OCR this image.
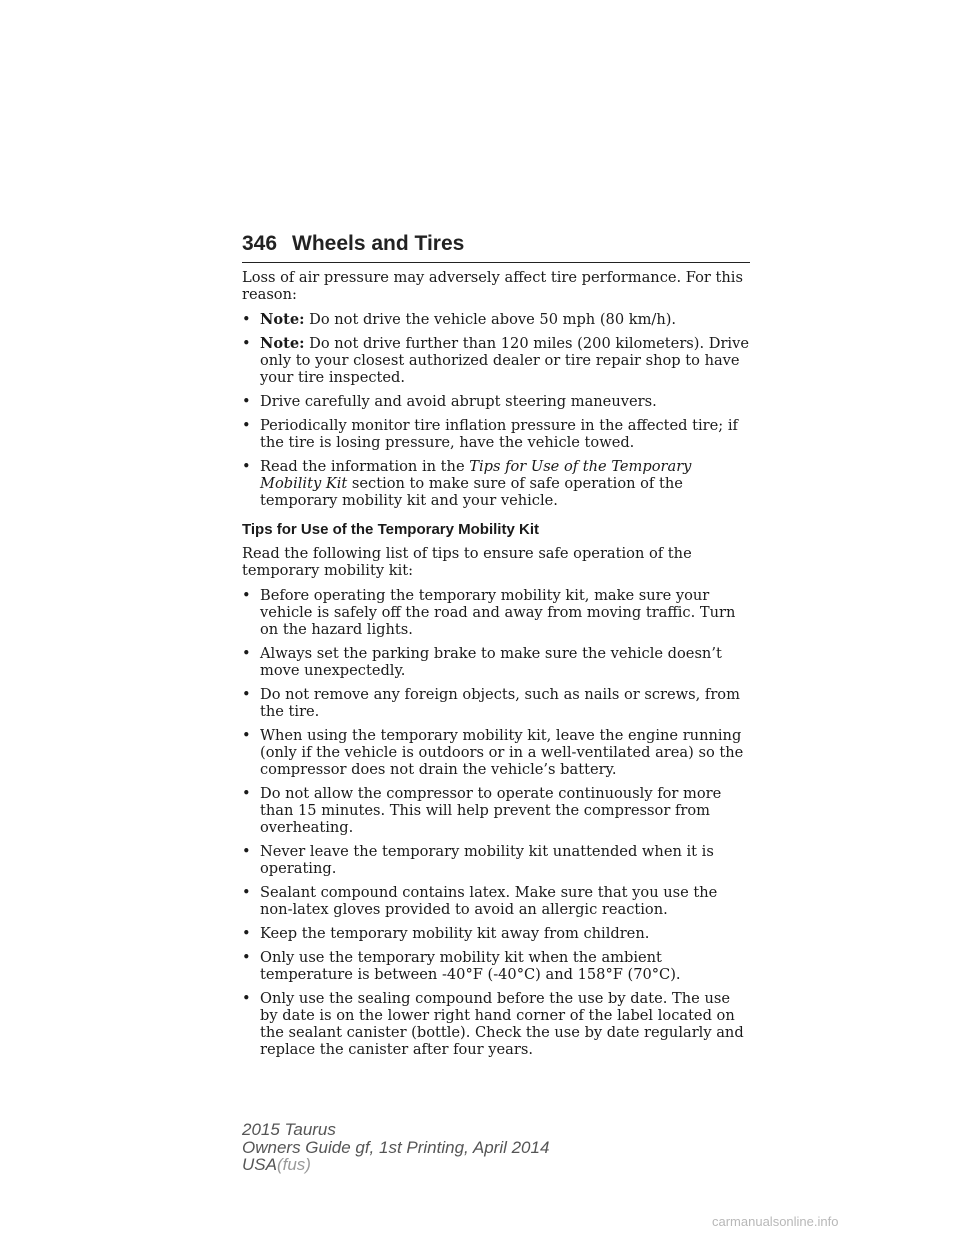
346 Wheels and Tires

Loss of air pressure may adversely affect tire performance. For this reason:

• Note: Do not drive the vehicle above 50 mph (80 km/h).
• Note: Do not drive further than 120 miles (200 kilometers). Drive only to your closest authorized dealer or tire repair shop to have your tire inspected.
• Drive carefully and avoid abrupt steering maneuvers.
• Periodically monitor tire inflation pressure in the affected tire; if the tire is losing pressure, have the vehicle towed.
• Read the information in the Tips for Use of the Temporary Mobility Kit section to make sure of safe operation of the temporary mobility kit and your vehicle.
Tips for Use of the Temporary Mobility Kit

Read the following list of tips to ensure safe operation of the temporary mobility kit:

• Before operating the temporary mobility kit, make sure your vehicle is safely off the road and away from moving traffic. Turn on the hazard lights.
• Always set the parking brake to make sure the vehicle doesn’t move unexpectedly.
• Do not remove any foreign objects, such as nails or screws, from the tire.
• When using the temporary mobility kit, leave the engine running (only if the vehicle is outdoors or in a well-ventilated area) so the compressor does not drain the vehicle’s battery.
• Do not allow the compressor to operate continuously for more than 15 minutes. This will help prevent the compressor from overheating.
• Never leave the temporary mobility kit unattended when it is operating.
• Sealant compound contains latex. Make sure that you use the non-latex gloves provided to avoid an allergic reaction.
• Keep the temporary mobility kit away from children.
• Only use the temporary mobility kit when the ambient temperature is between -40°F (-40°C) and 158°F (70°C).
• Only use the sealing compound before the use by date. The use by date is on the lower right hand corner of the label located on the sealant canister (bottle). Check the use by date regularly and replace the canister after four years.
2015 Taurus
Owners Guide gf, 1st Printing, April 2014
USA(fus)
carmanualsonline.info
